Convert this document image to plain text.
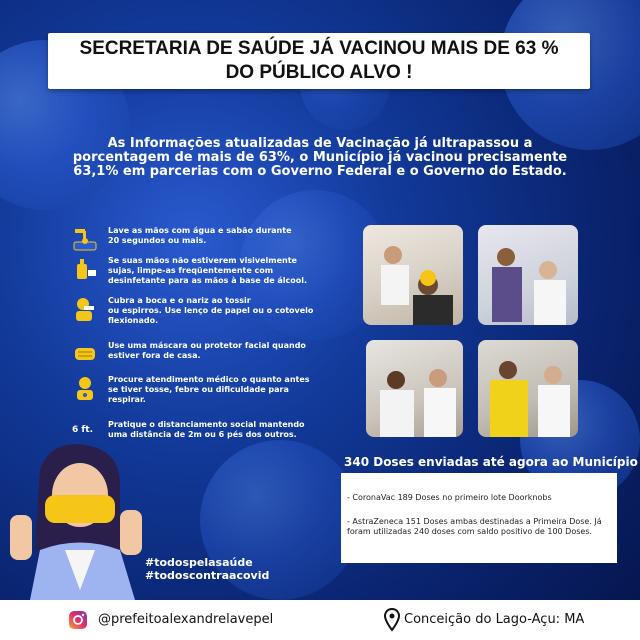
SECRETARIA DE SAÚDE JÁ VACINOU MAIS DE 63 %
DO PÚBLICO ALVO !
As Informações atualizadas de Vacinação já ultrapassou a
porcentagem de mais de 63%, o Município já vacinou precisamente
63,1% em parcerias com o Governo Federal e o Governo do Estado.
Lave as mãos com água e sabão durante
20 segundos ou mais.
Se suas mãos não estiverem visivelmente
sujas, limpe-as freqüentemente com
desinfetante para as mãos à base de álcool.
Cubra a boca e o nariz ao tossir
ou espirros. Use lenço de papel ou o cotovelo
flexionado.
Use uma máscara ou protetor facial quando
estiver fora de casa.
Procure atendimento médico o quanto antes
se tiver tosse, febre ou dificuldade para
respirar.
6 ft.
Pratique o distanciamento social mantendo
uma distância de 2m ou 6 pés dos outros.
340 Doses enviadas até agora ao Município
- CoronaVac 189 Doses no primeiro lote Doorknobs
- AstraZeneca 151 Doses ambas destinadas a Primeira Dose. Já
foram utilizadas 240 doses com saldo positivo de 100 Doses.
#todospelasaúde
#todoscontraacovid
@prefeitoalexandrelavepel	Conceição do Lago-Açu: MA
